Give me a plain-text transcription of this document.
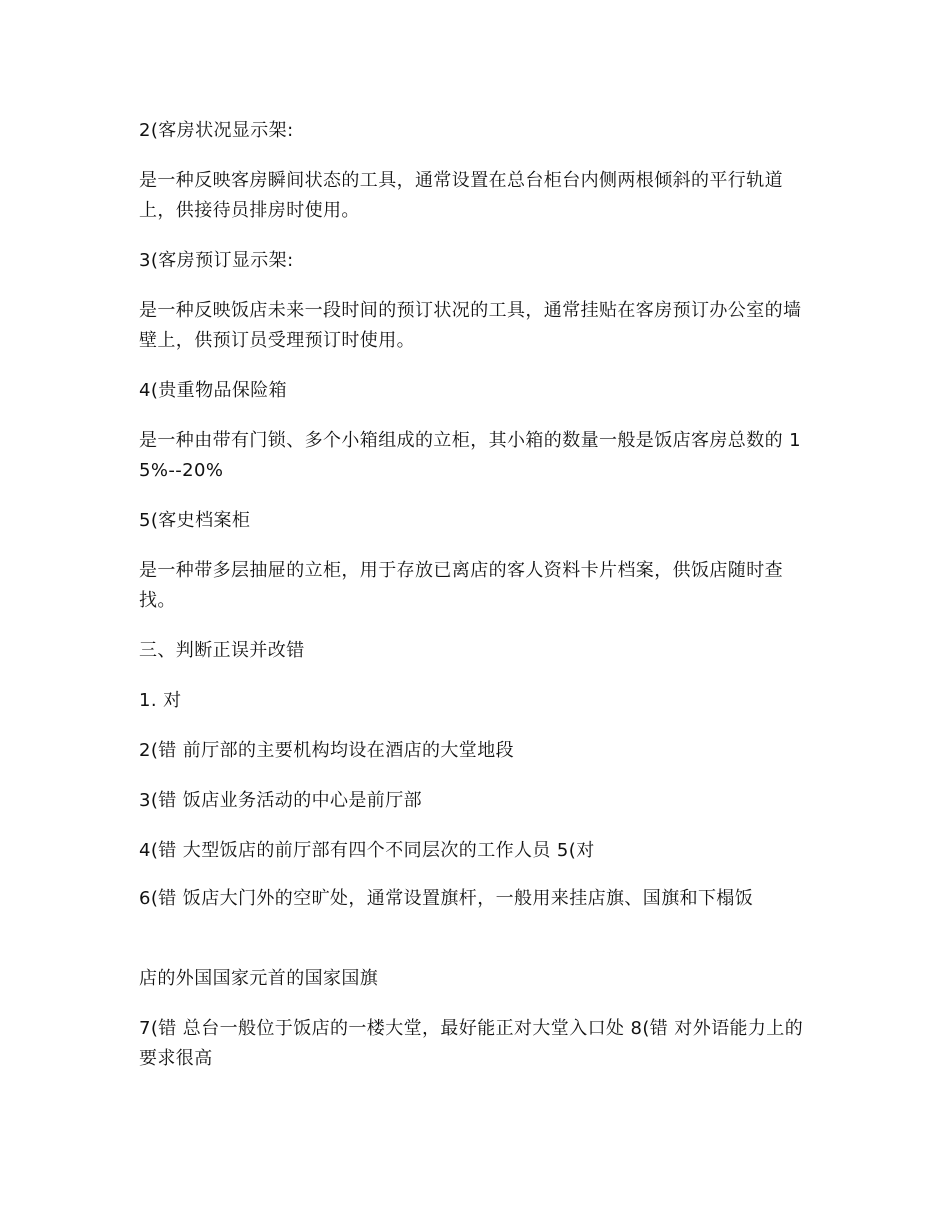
2(客房状况显示架:

是一种反映客房瞬间状态的工具，通常设置在总台柜台内侧两根倾斜的平行轨道上，供接待员排房时使用。

3(客房预订显示架:

是一种反映饭店未来一段时间的预订状况的工具，通常挂贴在客房预订办公室的墙壁上，供预订员受理预订时使用。

4(贵重物品保险箱

是一种由带有门锁、多个小箱组成的立柜，其小箱的数量一般是饭店客房总数的 15%--20%

5(客史档案柜

是一种带多层抽屉的立柜，用于存放已离店的客人资料卡片档案，供饭店随时查找。

三、判断正误并改错

1. 对

2(错 前厅部的主要机构均设在酒店的大堂地段

3(错 饭店业务活动的中心是前厅部

4(错 大型饭店的前厅部有四个不同层次的工作人员 5(对

6(错 饭店大门外的空旷处，通常设置旗杆，一般用来挂店旗、国旗和下榻饭

店的外国国家元首的国家国旗

7(错 总台一般位于饭店的一楼大堂，最好能正对大堂入口处 8(错 对外语能力上的要求很高
